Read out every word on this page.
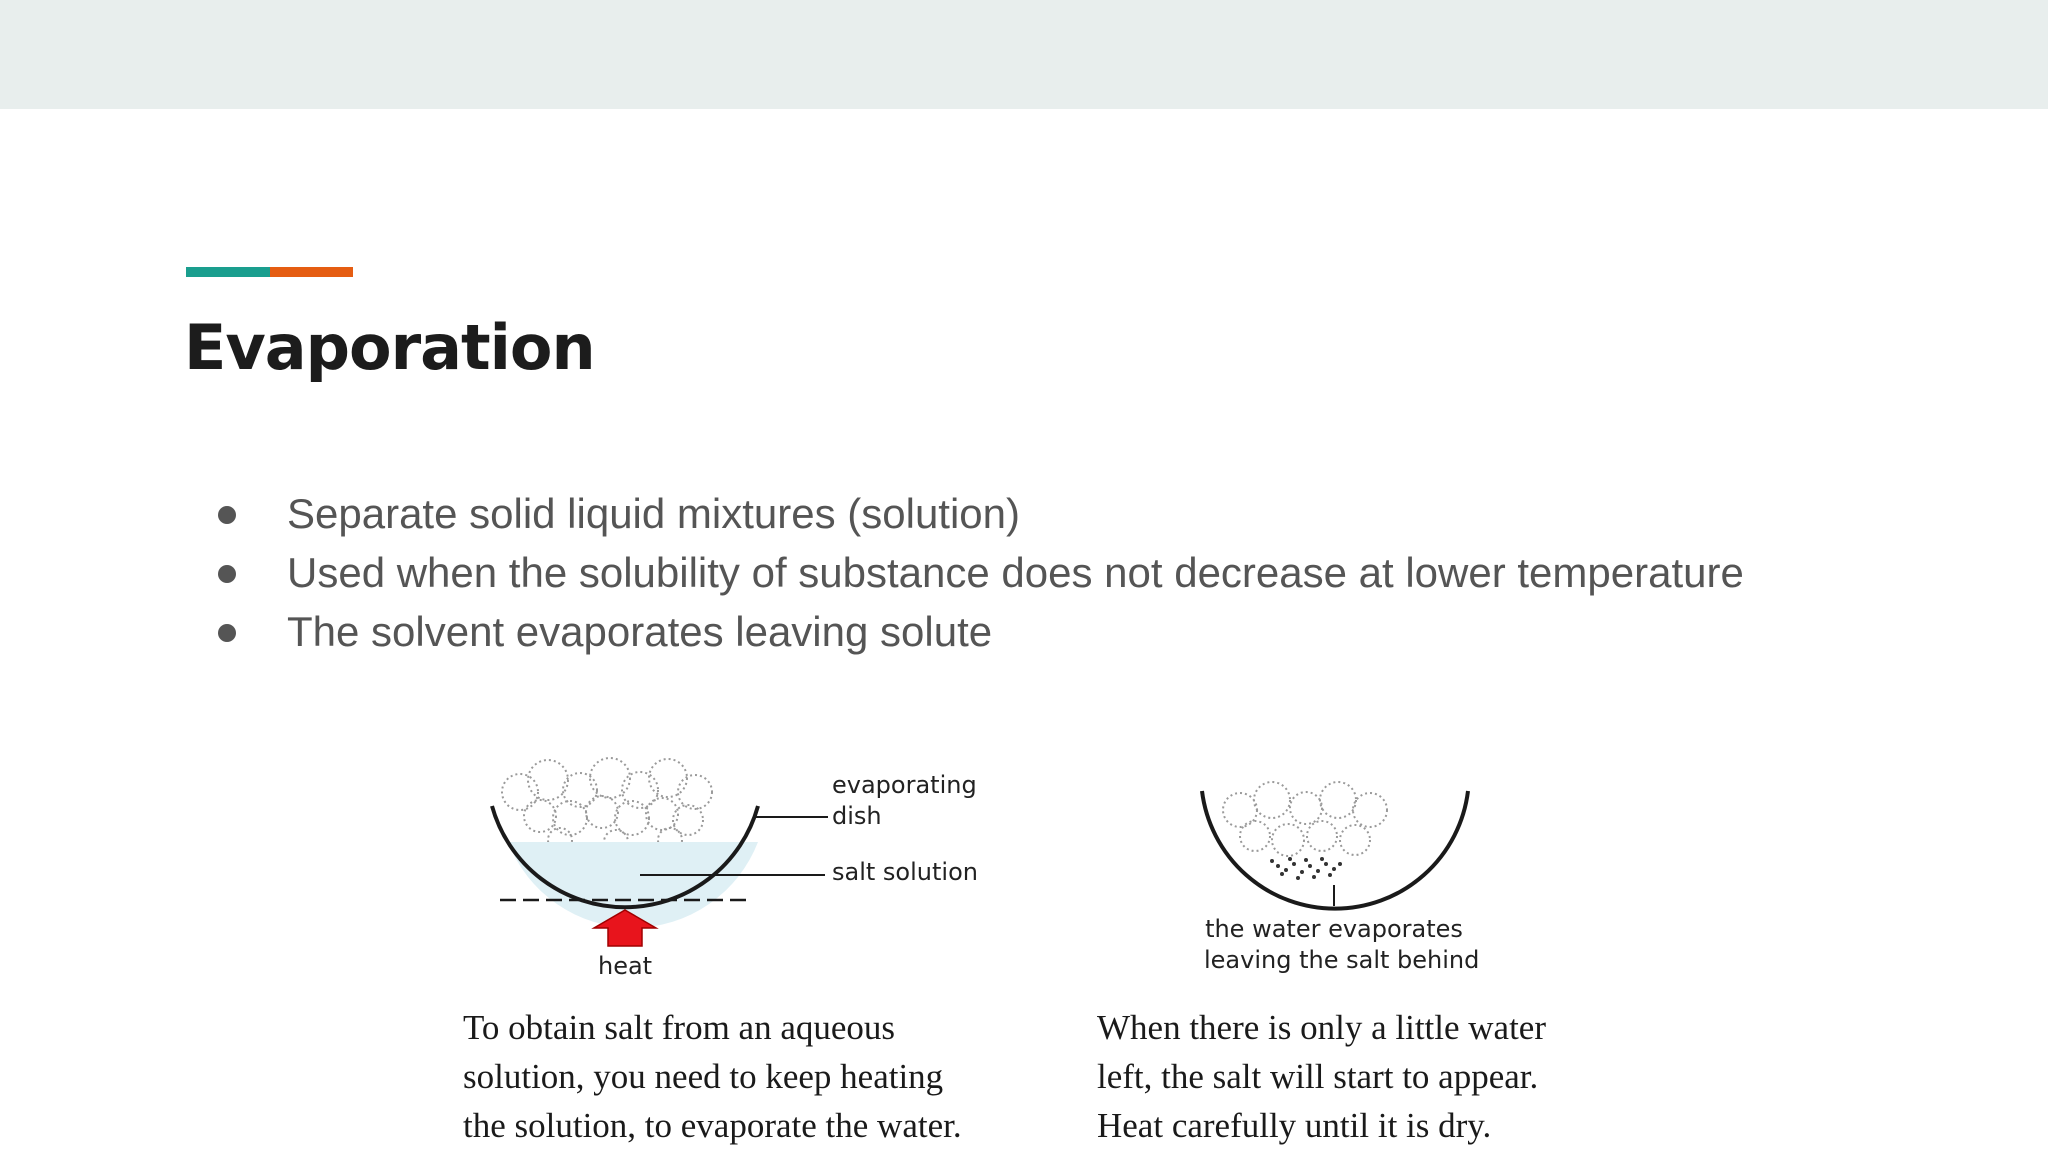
Evaporation
Separate solid liquid mixtures (solution)
Used when the solubility of substance does not decrease at lower temperature
The solvent evaporates leaving solute
evaporating
dish
salt solution
heat
the water evaporates
leaving the salt behind

To obtain salt from an aqueous
solution, you need to keep heating
the solution, to evaporate the water.

When there is only a little water
left, the salt will start to appear.
Heat carefully until it is dry.
